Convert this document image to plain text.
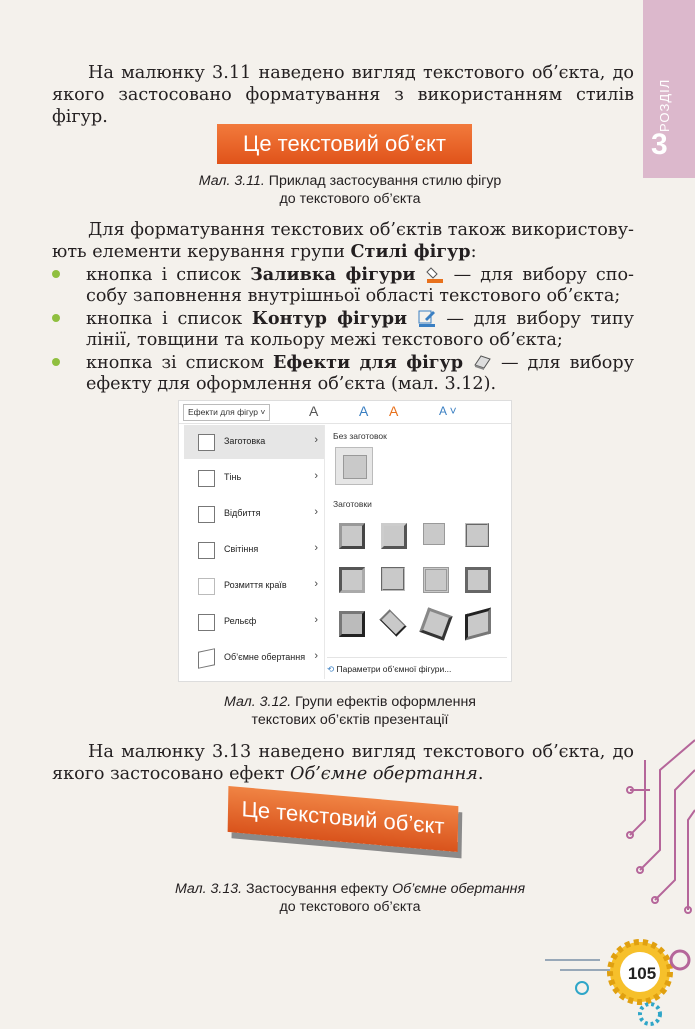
РОЗДІЛ
3
На малюнку 3.11 наведено вигляд текстового об’єкта, до якого застосовано форматування з використанням стилів фігур.
Це текстовий об’єкт
Мал. 3.11. Приклад застосування стилю фігур
до текстового об’єкта
Для форматування текстових об’єктів також використову-ють елементи керування групи Стилі фігур:
кнопка і список Заливка фігури  — для вибору спо-собу заповнення внутрішньої області текстового об’єкта;
кнопка і список Контур фігури  — для вибору типу лінії, товщини та кольору межі текстового об’єкта;
кнопка зі списком Ефекти для фігур  — для вибору ефекту для оформлення об’єкта (мал. 3.12).
Ефекти для фігур ˅	A	A A	A ˅
Заготовка	›
Тінь	›
Відбиття	›
Світіння	›
Розмиття країв	›
Рельєф	›
Об’ємне обертання ›
Без заготовок
Заготовки
⟲ Параметри об’ємної фігури...
Мал. 3.12. Групи ефектів оформлення
текстових об’єктів презентації
На малюнку 3.13 наведено вигляд текстового об’єкта, до якого застосовано ефект Об’ємне обертання.
Це текстовий об’єкт
Мал. 3.13. Застосування ефекту Об’ємне обертання
до текстового об’єкта
105
